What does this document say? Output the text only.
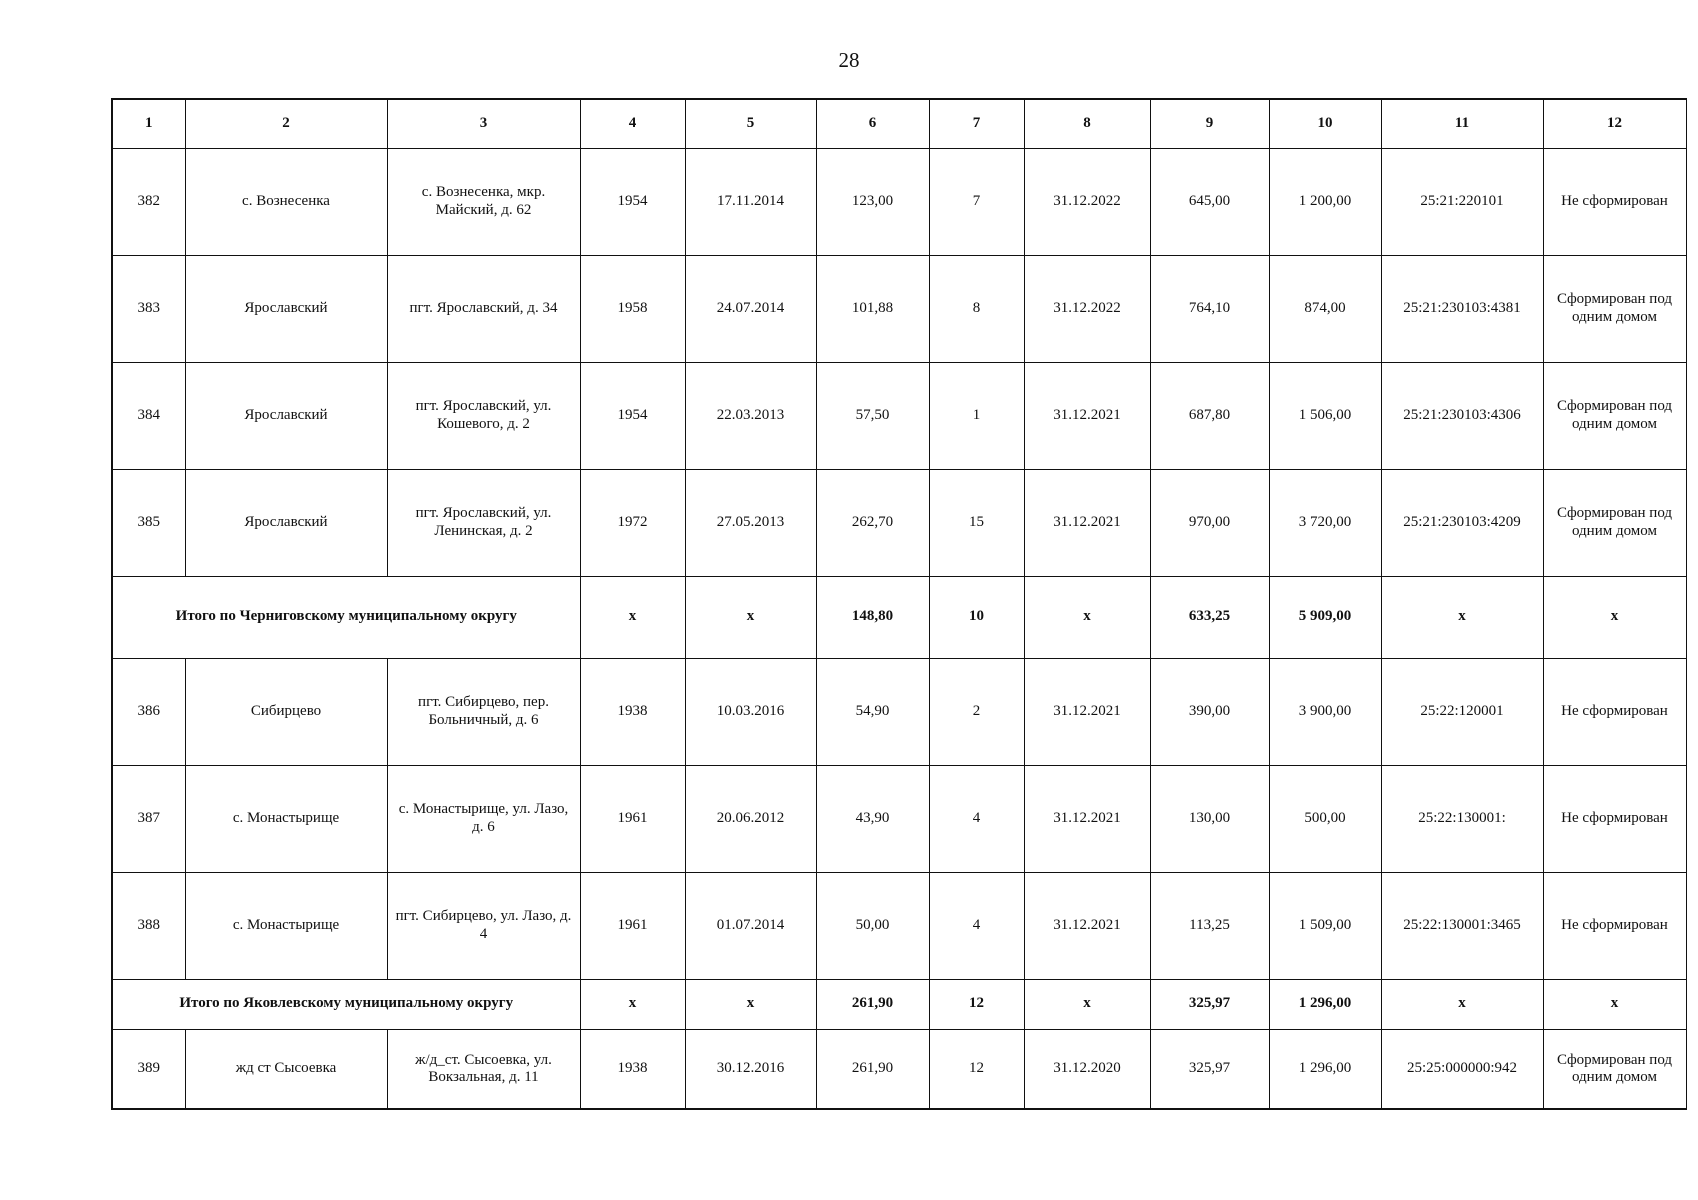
28
1	2	3	4	5	6	7	8	9	10	11	12
382	с. Вознесенка	с. Вознесенка, мкр. Майский, д. 62	1954	17.11.2014	123,00	7	31.12.2022	645,00	1 200,00	25:21:220101	Не сформирован
383	Ярославский	пгт. Ярославский, д. 34	1958	24.07.2014	101,88	8	31.12.2022	764,10	874,00	25:21:230103:4381	Сформирован под одним домом
384	Ярославский	пгт. Ярославский, ул. Кошевого, д. 2	1954	22.03.2013	57,50	1	31.12.2021	687,80	1 506,00	25:21:230103:4306	Сформирован под одним домом
385	Ярославский	пгт. Ярославский, ул. Ленинская, д. 2	1972	27.05.2013	262,70	15	31.12.2021	970,00	3 720,00	25:21:230103:4209	Сформирован под одним домом
Итого по Черниговскому муниципальному округу			х	х	148,80	10	х	633,25	5 909,00	х	х
386	Сибирцево	пгт. Сибирцево, пер. Больничный, д. 6	1938	10.03.2016	54,90	2	31.12.2021	390,00	3 900,00	25:22:120001	Не сформирован
387	с. Монастырище	с. Монастырище, ул. Лазо, д. 6	1961	20.06.2012	43,90	4	31.12.2021	130,00	500,00	25:22:130001:	Не сформирован
388	с. Монастырище	пгт. Сибирцево, ул. Лазо, д. 4	1961	01.07.2014	50,00	4	31.12.2021	113,25	1 509,00	25:22:130001:3465	Не сформирован
Итого по Яковлевскому муниципальному округу			х	х	261,90	12	х	325,97	1 296,00	х	х
389	жд ст Сысоевка	ж/д_ст. Сысоевка, ул. Вокзальная, д. 11	1938	30.12.2016	261,90	12	31.12.2020	325,97	1 296,00	25:25:000000:942	Сформирован под одним домом
